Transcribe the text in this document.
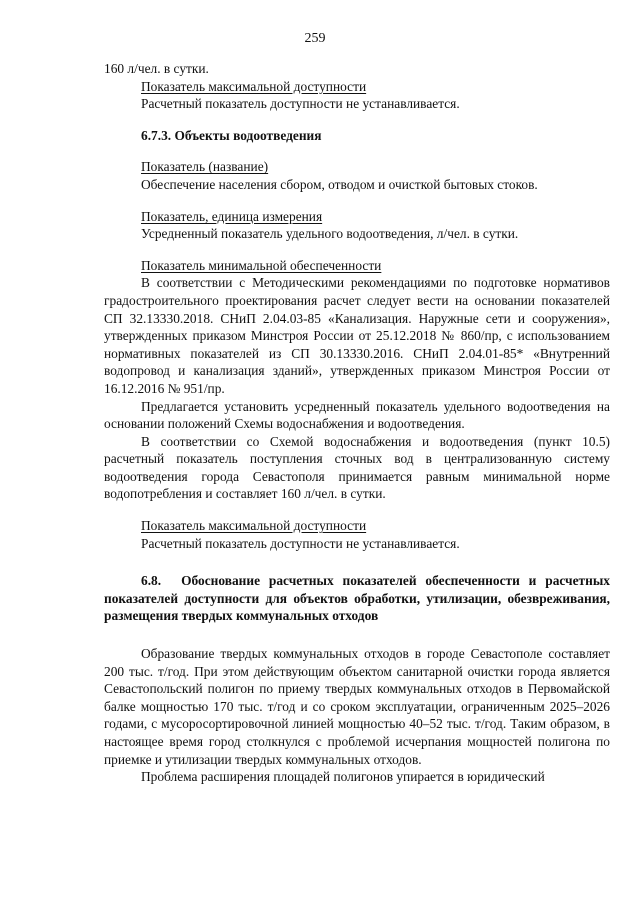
259

160 л/чел. в сутки.

Показатель максимальной доступности

Расчетный показатель доступности не устанавливается.

6.7.3. Объекты водоотведения

Показатель (название)

Обеспечение населения сбором, отводом и очисткой бытовых стоков.

Показатель, единица измерения

Усредненный показатель удельного водоотведения, л/чел. в сутки.

Показатель минимальной обеспеченности

В соответствии с Методическими рекомендациями по подготовке нормативов градостроительного проектирования расчет следует вести на основании показателей СП 32.13330.2018. СНиП 2.04.03-85 «Канализация. Наружные сети и сооружения», утвержденных приказом Минстроя России от 25.12.2018 № 860/пр, с использованием нормативных показателей из СП 30.13330.2016. СНиП 2.04.01-85* «Внутренний водопровод и канализация зданий», утвержденных приказом Минстроя России от 16.12.2016 № 951/пр.

Предлагается установить усредненный показатель удельного водоотведения на основании положений Схемы водоснабжения и водоотведения.

В соответствии со Схемой водоснабжения и водоотведения (пункт 10.5) расчетный показатель поступления сточных вод в централизованную систему водоотведения города Севастополя принимается равным минимальной норме водопотребления и составляет 160 л/чел. в сутки.

Показатель максимальной доступности

Расчетный показатель доступности не устанавливается.

6.8. Обоснование расчетных показателей обеспеченности и расчетных показателей доступности для объектов обработки, утилизации, обезвреживания, размещения твердых коммунальных отходов

Образование твердых коммунальных отходов в городе Севастополе составляет 200 тыс. т/год. При этом действующим объектом санитарной очистки города является Севастопольский полигон по приему твердых коммунальных отходов в Первомайской балке мощностью 170 тыс. т/год и со сроком эксплуатации, ограниченным 2025–2026 годами, с мусоросортировочной линией мощностью 40–52 тыс. т/год. Таким образом, в настоящее время город столкнулся с проблемой исчерпания мощностей полигона по приемке и утилизации твердых коммунальных отходов.

Проблема расширения площадей полигонов упирается в юридический
